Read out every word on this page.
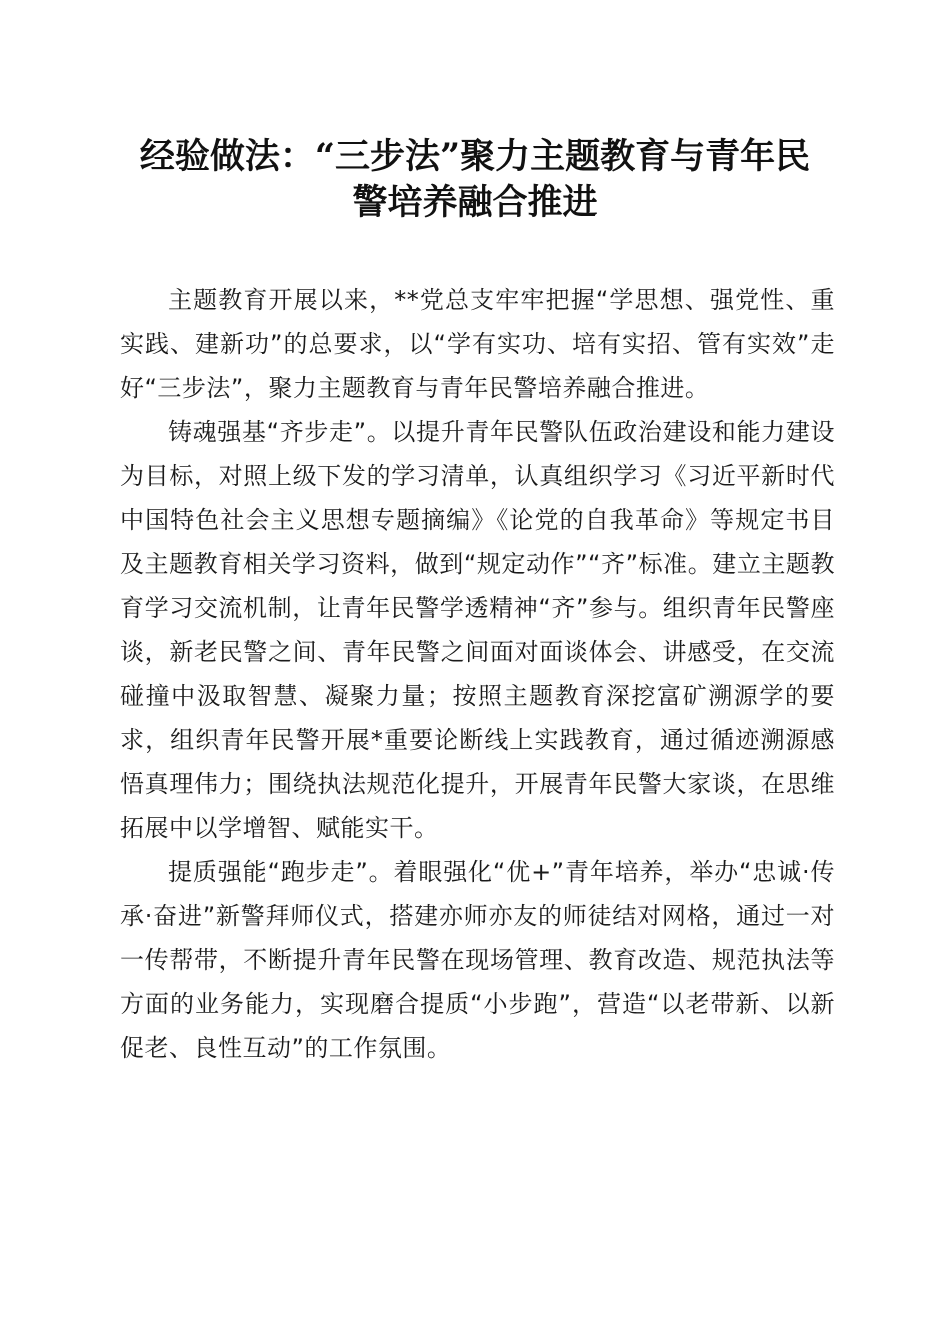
经验做法：“三步法”聚力主题教育与青年民
警培养融合推进

主题教育开展以来，**党总支牢牢把握“学思想、强党性、重实践、建新功”的总要求，以“学有实功、培有实招、管有实效”走好“三步法”，聚力主题教育与青年民警培养融合推进。

铸魂强基“齐步走”。以提升青年民警队伍政治建设和能力建设为目标，对照上级下发的学习清单，认真组织学习《习近平新时代中国特色社会主义思想专题摘编》《论党的自我革命》等规定书目及主题教育相关学习资料，做到“规定动作”“齐”标准。建立主题教育学习交流机制，让青年民警学透精神“齐”参与。组织青年民警座谈，新老民警之间、青年民警之间面对面谈体会、讲感受，在交流碰撞中汲取智慧、凝聚力量；按照主题教育深挖富矿溯源学的要求，组织青年民警开展*重要论断线上实践教育，通过循迹溯源感悟真理伟力；围绕执法规范化提升，开展青年民警大家谈，在思维拓展中以学增智、赋能实干。

提质强能“跑步走”。着眼强化“优+”青年培养，举办“忠诚·传承·奋进”新警拜师仪式，搭建亦师亦友的师徒结对网格，通过一对一传帮带，不断提升青年民警在现场管理、教育改造、规范执法等方面的业务能力，实现磨合提质“小步跑”，营造“以老带新、以新促老、良性互动”的工作氛围。
